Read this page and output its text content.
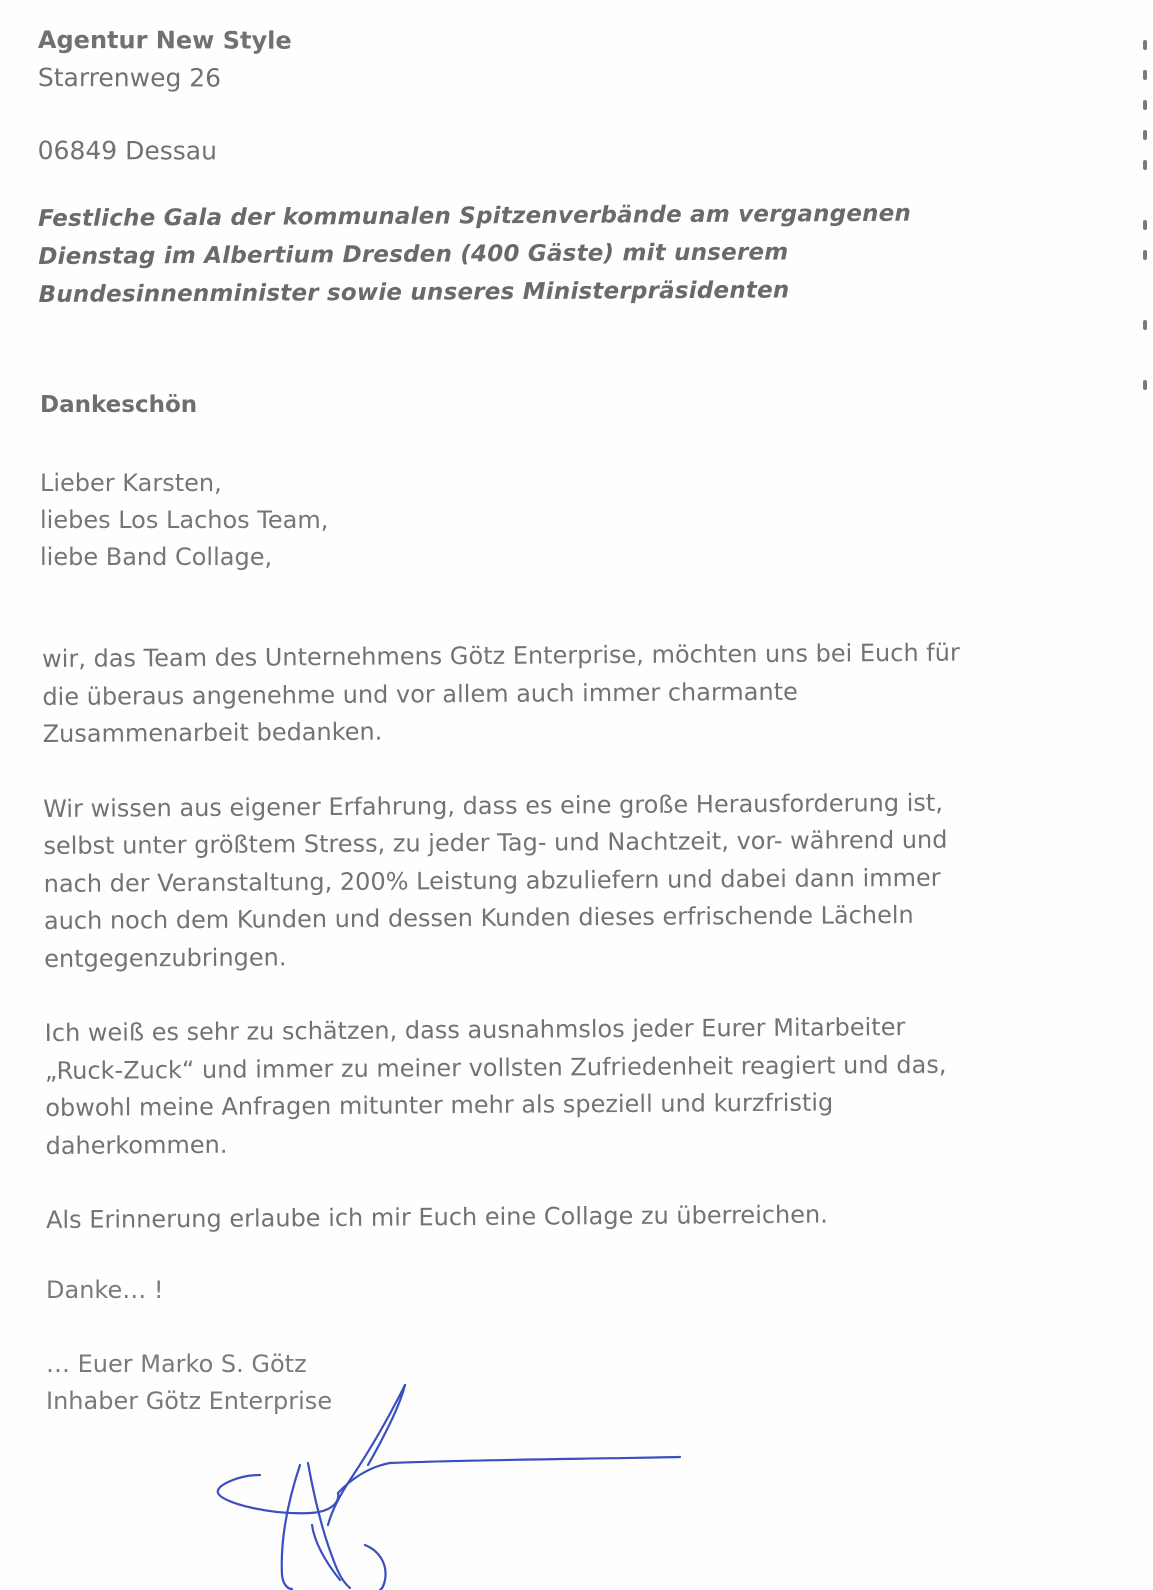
Agentur New Style
Starrenweg 26
06849 Dessau
Festliche Gala der kommunalen Spitzenverbände am vergangenen
Dienstag im Albertium Dresden (400 Gäste) mit unserem
Bundesinnenminister sowie unseres Ministerpräsidenten
Dankeschön
Lieber Karsten,
liebes Los Lachos Team,
liebe Band Collage,

wir, das Team des Unternehmens Götz Enterprise, möchten uns bei Euch für
die überaus angenehme und vor allem auch immer charmante
Zusammenarbeit bedanken.

Wir wissen aus eigener Erfahrung, dass es eine große Herausforderung ist,
selbst unter größtem Stress, zu jeder Tag- und Nachtzeit, vor- während und
nach der Veranstaltung, 200% Leistung abzuliefern und dabei dann immer
auch noch dem Kunden und dessen Kunden dieses erfrischende Lächeln
entgegenzubringen.

Ich weiß es sehr zu schätzen, dass ausnahmslos jeder Eurer Mitarbeiter
„Ruck-Zuck“ und immer zu meiner vollsten Zufriedenheit reagiert und das,
obwohl meine Anfragen mitunter mehr als speziell und kurzfristig
daherkommen.

Als Erinnerung erlaube ich mir Euch eine Collage zu überreichen.

Danke… !
… Euer Marko S. Götz
Inhaber Götz Enterprise
